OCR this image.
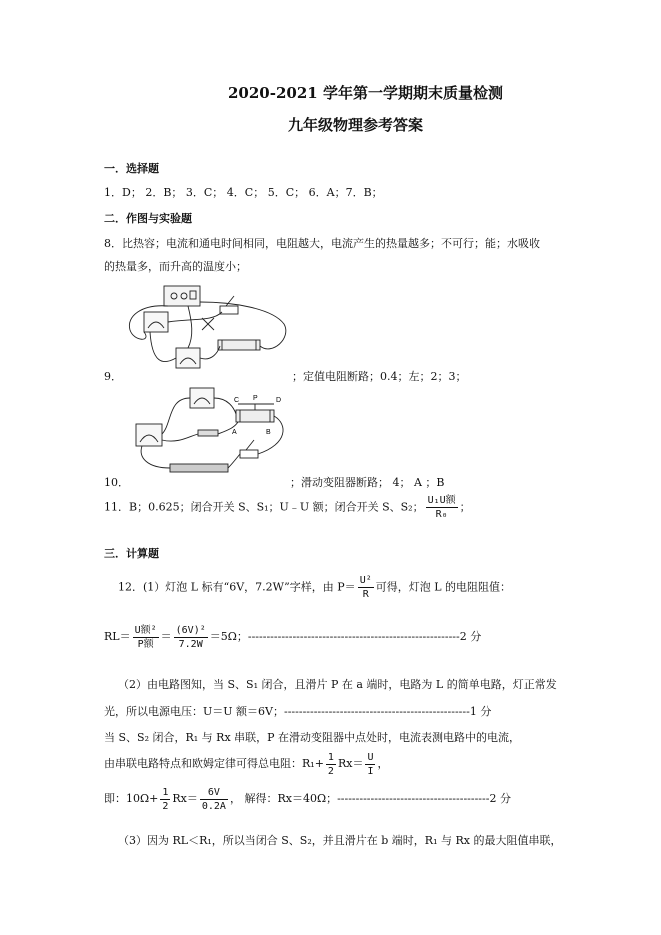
2020-2021 学年第一学期期末质量检测
九年级物理参考答案
一．选择题
1．D； 2．B； 3．C； 4．C； 5．C； 6．A；7．B；
二．作图与实验题
8．比热容；电流和通电时间相同，电阻越大，电流产生的热量越多；不可行；能；水吸收
的热量多，而升高的温度小；
9．	；定值电阻断路；0.4；左；2；3；
C P	D
A	B
10．	；滑动变阻器断路； 4； A ；B
11．B；0.625；闭合开关 S、S₁；U﹣U 额；闭合开关 S、S₂； $\frac{\text{U₁U额}}{\text{R₀}}$ ；
三．计算题
12．(1）灯泡 L 标有“6V，7.2W”字样，由 $P= \frac{\text{U²}}{R}$ 可得，灯泡 L 的电阻阻值：
$RL= \frac{\text{U额²}}{\text{P额}} = \frac{\text{(6V)²}}{7.2W} =5\Omega$；---------------------------------------------------------2 分
（2）由电路图知，当 S、S₁ 闭合，且滑片 P 在 a 端时，电路为 L 的简单电路，灯正常发
光，所以电源电压：U＝U 额＝6V；--------------------------------------------------1 分
当 S、S₂ 闭合，R₁ 与 Rx 串联，P 在滑动变阻器中点处时，电流表测电路中的电流，
由串联电路特点和欧姆定律可得总电阻：$R_1+ \frac{1}{2} Rx= \frac{U}{I}$ ，
即：$10\Omega+ \frac{1}{2} Rx= \frac{6V}{0.2A}$ ， 解得：Rx＝40Ω；-----------------------------------------2 分
（3）因为 RL＜R₁，所以当闭合 S、S₂，并且滑片在 b 端时，R₁ 与 Rx 的最大阻值串联，
